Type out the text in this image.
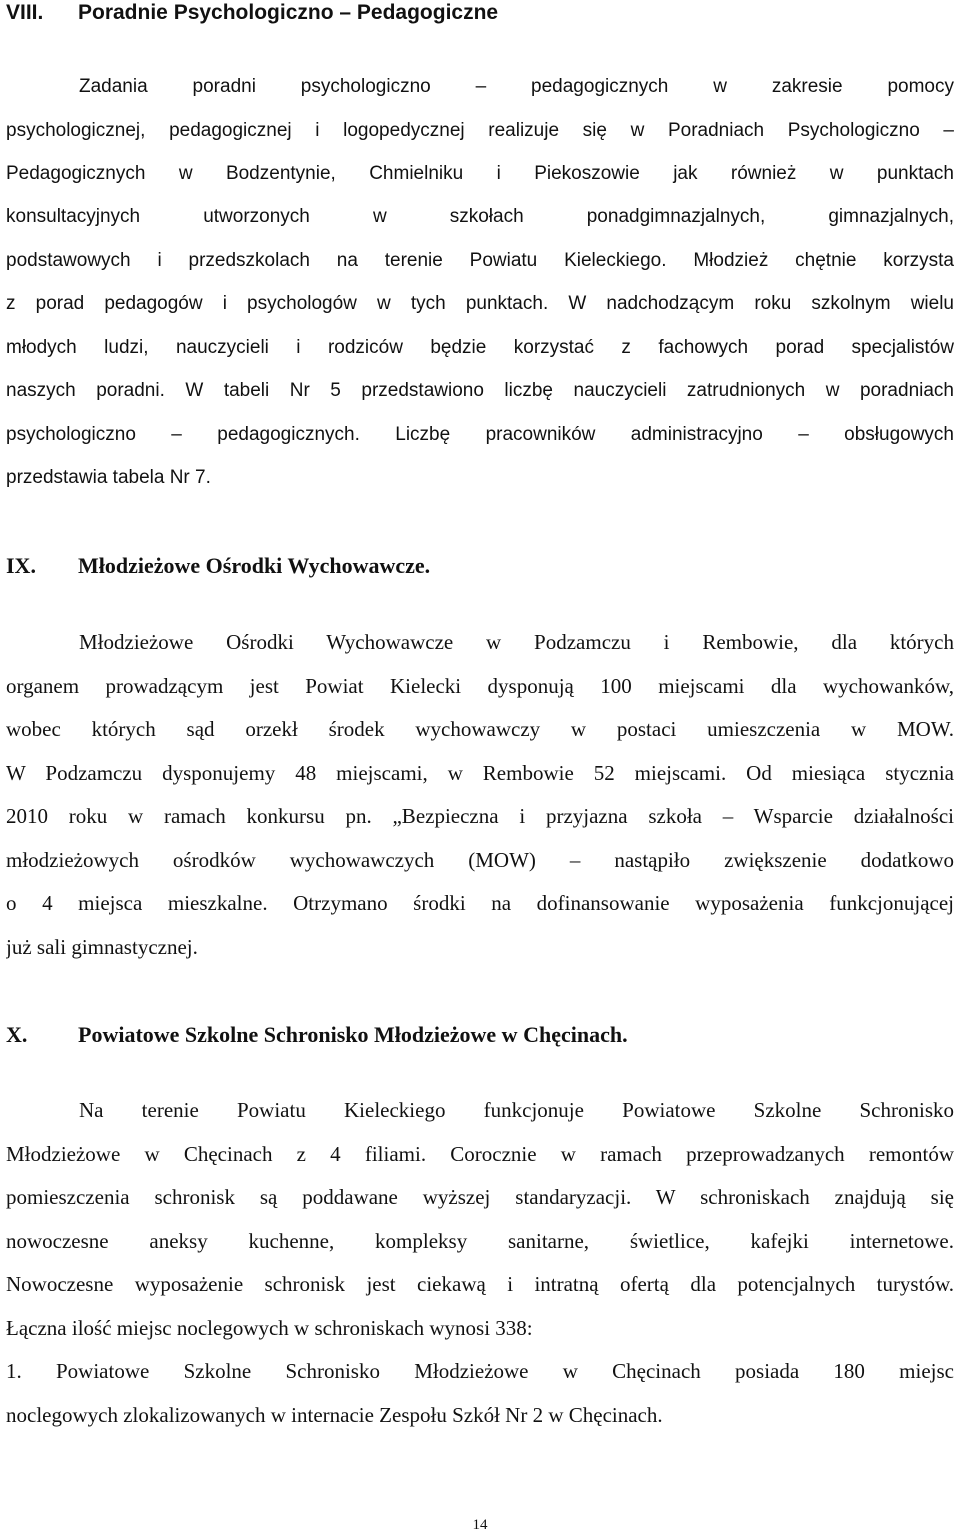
VIII. Poradnie Psychologiczno – Pedagogiczne
Zadania poradni psychologiczno – pedagogicznych w zakresie pomocy
psychologicznej, pedagogicznej i logopedycznej realizuje się w Poradniach Psychologiczno –
Pedagogicznych w Bodzentynie, Chmielniku i Piekoszowie jak również w punktach
konsultacyjnych utworzonych w szkołach ponadgimnazjalnych, gimnazjalnych,
podstawowych i przedszkolach na terenie Powiatu Kieleckiego. Młodzież chętnie korzysta
z porad pedagogów i psychologów w tych punktach. W nadchodzącym roku szkolnym wielu
młodych ludzi, nauczycieli i rodziców będzie korzystać z fachowych porad specjalistów
naszych poradni. W tabeli Nr 5 przedstawiono liczbę nauczycieli zatrudnionych w poradniach
psychologiczno – pedagogicznych. Liczbę pracowników administracyjno – obsługowych
przedstawia tabela Nr 7.
IX. Młodzieżowe Ośrodki Wychowawcze.
Młodzieżowe Ośrodki Wychowawcze w Podzamczu i Rembowie, dla których
organem prowadzącym jest Powiat Kielecki dysponują 100 miejscami dla wychowanków,
wobec których sąd orzekł środek wychowawczy w postaci umieszczenia w MOW.
W Podzamczu dysponujemy 48 miejscami, w Rembowie 52 miejscami. Od miesiąca stycznia
2010 roku w ramach konkursu pn. „Bezpieczna i przyjazna szkoła – Wsparcie działalności
młodzieżowych ośrodków wychowawczych (MOW) – nastąpiło zwiększenie dodatkowo
o 4 miejsca mieszkalne. Otrzymano środki na dofinansowanie wyposażenia funkcjonującej
już sali gimnastycznej.
X. Powiatowe Szkolne Schronisko Młodzieżowe w Chęcinach.
Na terenie Powiatu Kieleckiego funkcjonuje Powiatowe Szkolne Schronisko
Młodzieżowe w Chęcinach z 4 filiami. Corocznie w ramach przeprowadzanych remontów
pomieszczenia schronisk są poddawane wyższej standaryzacji. W schroniskach znajdują się
nowoczesne aneksy kuchenne, kompleksy sanitarne, świetlice, kafejki internetowe.
Nowoczesne wyposażenie schronisk jest ciekawą i intratną ofertą dla potencjalnych turystów.
Łączna ilość miejsc noclegowych w schroniskach wynosi 338:
1. Powiatowe Szkolne Schronisko Młodzieżowe w Chęcinach posiada 180 miejsc
noclegowych zlokalizowanych w internacie Zespołu Szkół Nr 2 w Chęcinach.
14
